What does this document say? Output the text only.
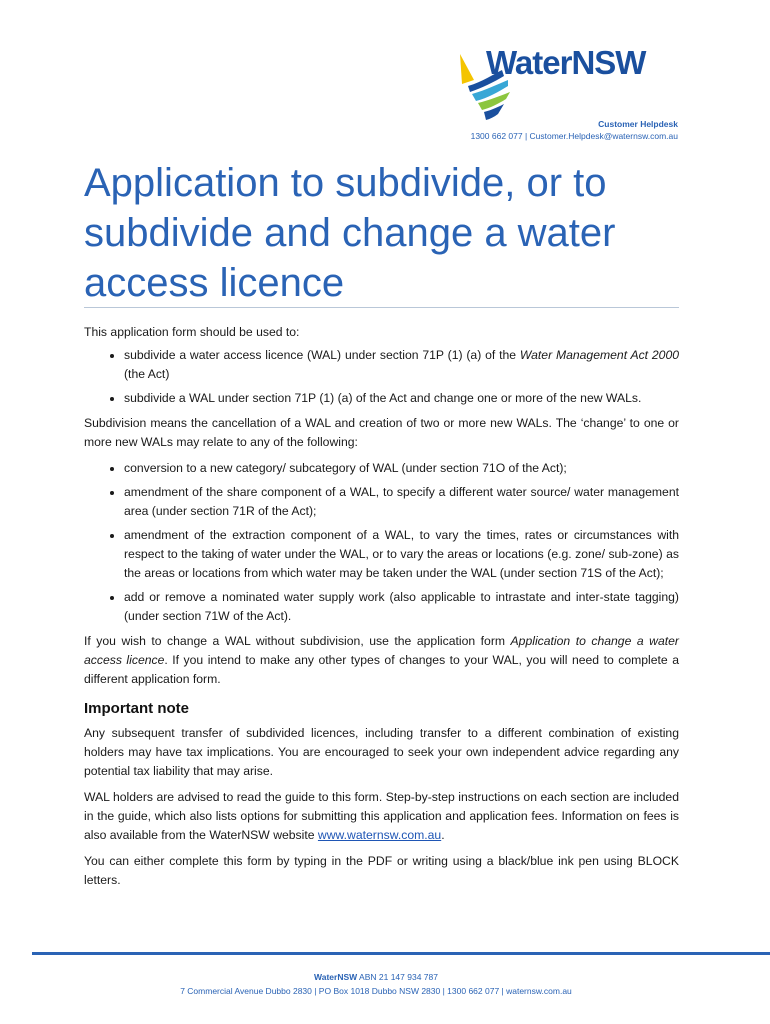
WaterNSW
Customer Helpdesk
1300 662 077 | Customer.Helpdesk@waternsw.com.au
Application to subdivide, or to
subdivide and change a water
access licence

This application form should be used to:

• subdivide a water access licence (WAL) under section 71P (1) (a) of the Water Management Act 2000 (the Act)
• subdivide a WAL under section 71P (1) (a) of the Act and change one or more of the new WALs.

Subdivision means the cancellation of a WAL and creation of two or more new WALs. The ‘change’ to one or more new WALs may relate to any of the following:

• conversion to a new category/ subcategory of WAL (under section 71O of the Act);
• amendment of the share component of a WAL, to specify a different water source/ water management area (under section 71R of the Act);
• amendment of the extraction component of a WAL, to vary the times, rates or circumstances with respect to the taking of water under the WAL, or to vary the areas or locations (e.g. zone/ sub-zone) as the areas or locations from which water may be taken under the WAL (under section 71S of the Act);
• add or remove a nominated water supply work (also applicable to intrastate and inter-state tagging) (under section 71W of the Act).

If you wish to change a WAL without subdivision, use the application form Application to change a water access licence. If you intend to make any other types of changes to your WAL, you will need to complete a different application form.

Important note

Any subsequent transfer of subdivided licences, including transfer to a different combination of existing holders may have tax implications. You are encouraged to seek your own independent advice regarding any potential tax liability that may arise.

WAL holders are advised to read the guide to this form. Step-by-step instructions on each section are included in the guide, which also lists options for submitting this application and application fees. Information on fees is also available from the WaterNSW website www.waternsw.com.au.

You can either complete this form by typing in the PDF or writing using a black/blue ink pen using BLOCK letters.

WaterNSW ABN 21 147 934 787
7 Commercial Avenue Dubbo 2830 | PO Box 1018 Dubbo NSW 2830 | 1300 662 077 | waternsw.com.au
